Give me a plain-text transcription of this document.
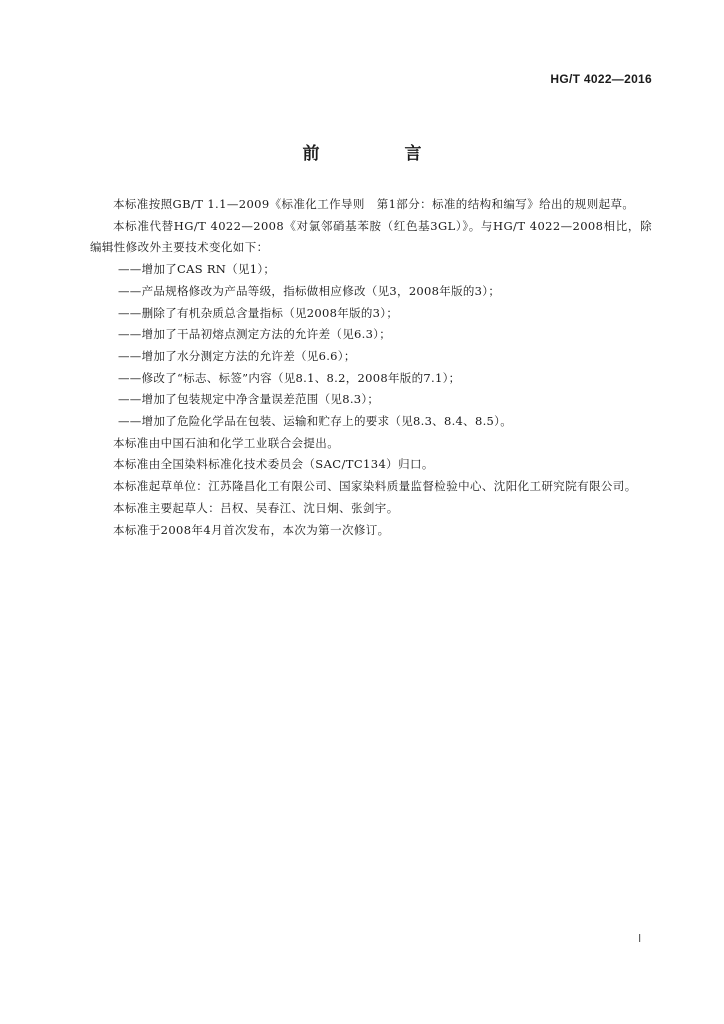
HG/T 4022—2016
前　言

本标准按照GB/T 1.1—2009《标准化工作导则　第1部分：标准的结构和编写》给出的规则起草。

本标准代替HG/T 4022—2008《对氯邻硝基苯胺（红色基3GL）》。与HG/T 4022—2008相比，除编辑性修改外主要技术变化如下：

——增加了CAS RN（见1）；

——产品规格修改为产品等级，指标做相应修改（见3，2008年版的3）；

——删除了有机杂质总含量指标（见2008年版的3）；

——增加了干品初熔点测定方法的允许差（见6.3）；

——增加了水分测定方法的允许差（见6.6）；

——修改了“标志、标签”内容（见8.1、8.2，2008年版的7.1）；

——增加了包装规定中净含量误差范围（见8.3）；

——增加了危险化学品在包装、运输和贮存上的要求（见8.3、8.4、8.5）。

本标准由中国石油和化学工业联合会提出。

本标准由全国染料标准化技术委员会（SAC/TC134）归口。

本标准起草单位：江苏隆昌化工有限公司、国家染料质量监督检验中心、沈阳化工研究院有限公司。

本标准主要起草人：吕权、吴春江、沈日炯、张剑宇。

本标准于2008年4月首次发布，本次为第一次修订。

I
